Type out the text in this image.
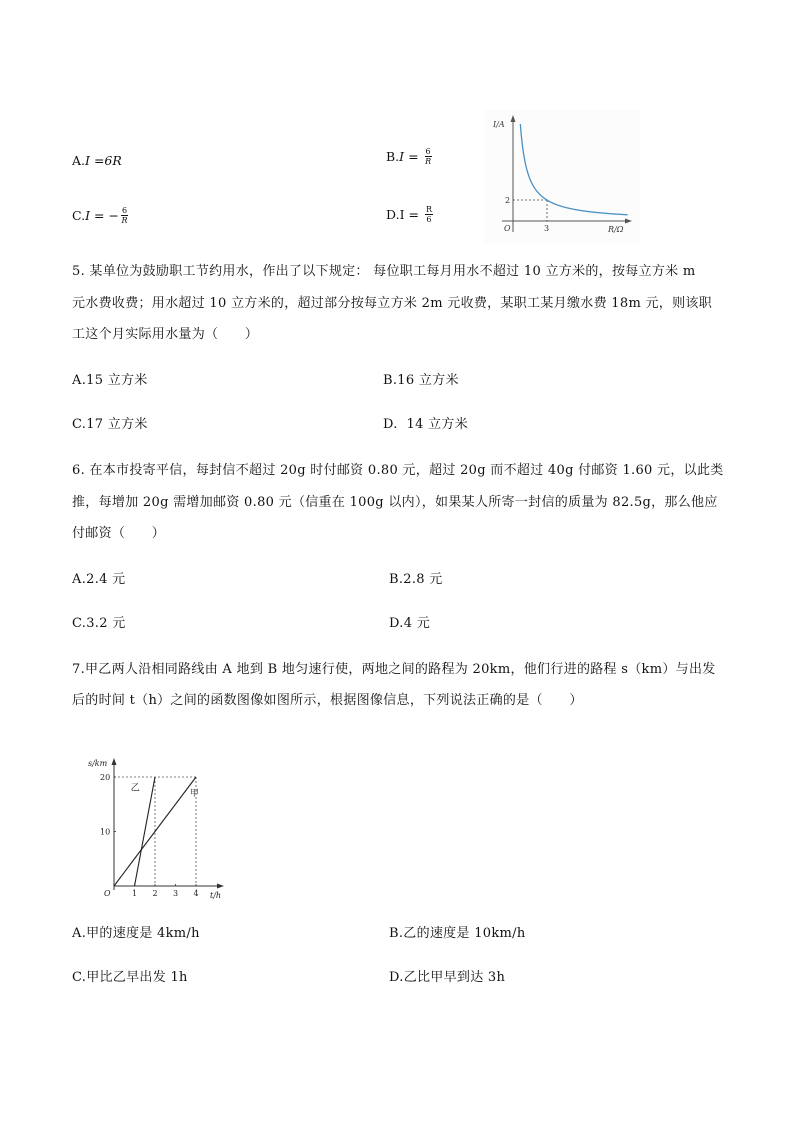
A.I =6R	$B.I = \frac{6}{R}$
C.I = − $\frac{6}{R}$	$D.I = \frac{R}{6}$
I/A
R/Ω
O
2
3
5. 某单位为鼓励职工节约用水，作出了以下规定： 每位职工每月用水不超过 10 立方米的，按每立方米 m
元水费收费；用水超过 10 立方米的，超过部分按每立方米 2m 元收费，某职工某月缴水费 18m 元，则该职
工这个月实际用水量为（　　）
A.15 立方米	B.16 立方米
C.17 立方米	D.  14 立方米
6. 在本市投寄平信，每封信不超过 20g 时付邮资 0.80 元，超过 20g 而不超过 40g 付邮资 1.60 元，以此类
推，每增加 20g 需增加邮资 0.80 元（信重在 100g 以内），如果某人所寄一封信的质量为 82.5g，那么他应
付邮资（　　）
A.2.4 元	B.2.8 元
C.3.2 元	D.4 元
7.甲乙两人沿相同路线由 A 地到 B 地匀速行使，两地之间的路程为 20km，他们行进的路程 s（km）与出发
后的时间 t（h）之间的函数图像如图所示，根据图像信息，下列说法正确的是（　　）
s/km
t/h
O	1 2 3 4
10
20
甲
乙
A.甲的速度是 4km/h	B.乙的速度是 10km/h
C.甲比乙早出发 1h	D.乙比甲早到达 3h
